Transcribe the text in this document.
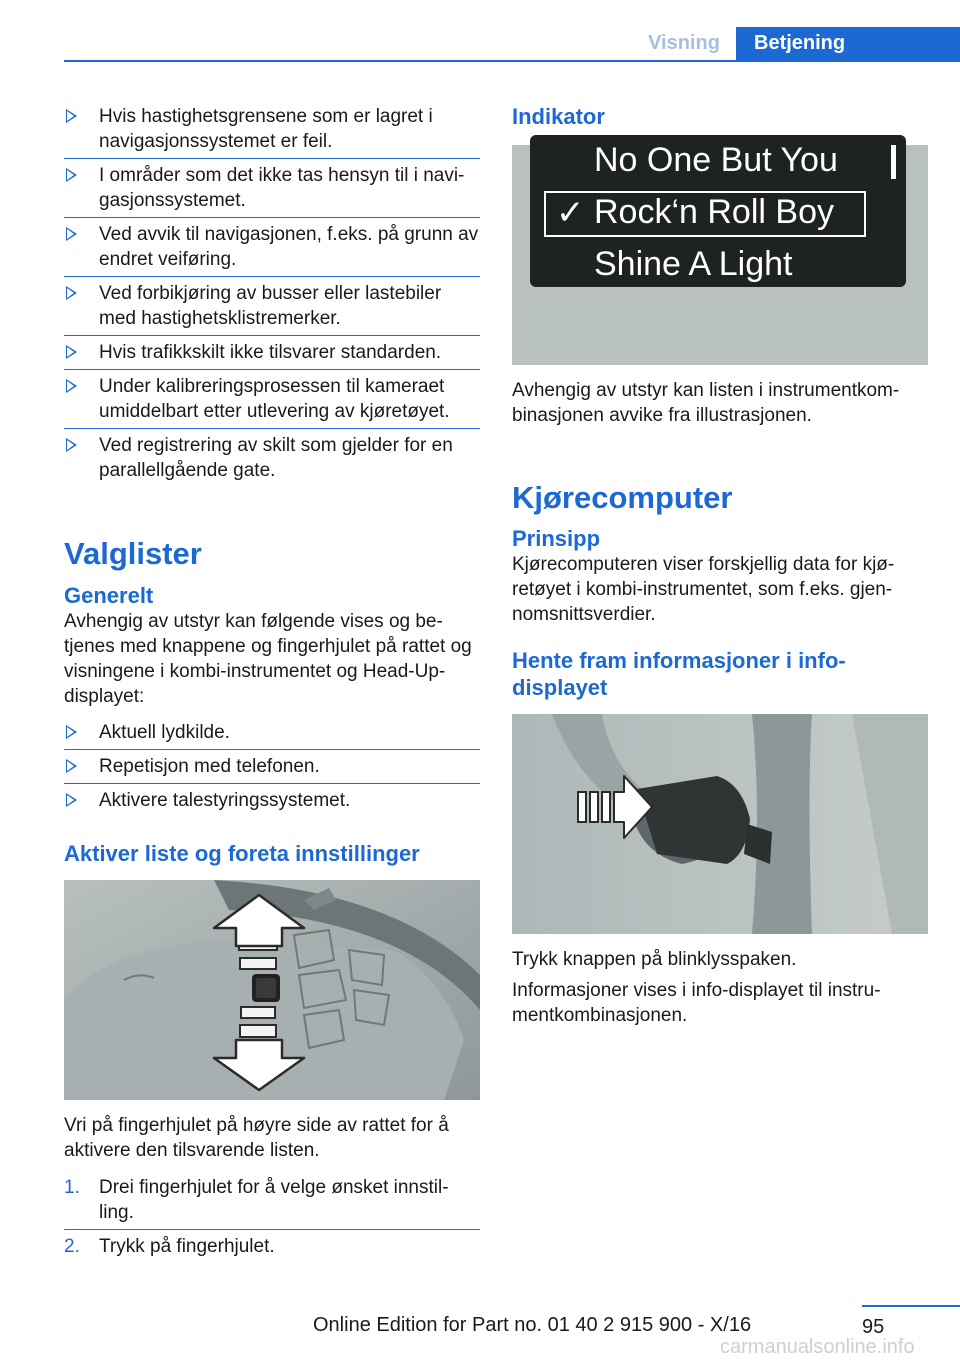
Visning	Betjening
Hvis hastighetsgrensene som er lagret i navigasjonssystemet er feil.
I områder som det ikke tas hensyn til i navi‐gasjonssystemet.
Ved avvik til navigasjonen, f.eks. på grunn av endret veiføring.
Ved forbikjøring av busser eller lastebiler med hastighetsklistremerker.
Hvis trafikkskilt ikke tilsvarer standarden.
Under kalibreringsprosessen til kameraet umiddelbart etter utlevering av kjøretøyet.
Ved registrering av skilt som gjelder for en parallellgående gate.
Valglister
Generelt

Avhengig av utstyr kan følgende vises og be‐tjenes med knappene og fingerhjulet på rattet og visningene i kombi-instrumentet og Head-Up-displayet:

Aktuell lydkilde.
Repetisjon med telefonen.
Aktivere talestyringssystemet.
Aktiver liste og foreta innstillinger

Vri på fingerhjulet på høyre side av rattet for å aktivere den tilsvarende listen.

1. Drei fingerhjulet for å velge ønsket innstil‐ling.
2. Trykk på fingerhjulet.
Indikator
No One But You
✓ Rock‘n Roll Boy
Shine A Light

Avhengig av utstyr kan listen i instrumentkom‐binasjonen avvike fra illustrasjonen.

Kjørecomputer
Prinsipp

Kjørecomputeren viser forskjellig data for kjø‐retøyet i kombi-instrumentet, som f.eks. gjen‐nomsnittsverdier.

Hente fram informasjoner i info‐displayet

Trykk knappen på blinklysspaken.

Informasjoner vises i info-displayet til instru‐mentkombinasjonen.

95
Online Edition for Part no. 01 40 2 915 900 - X/16
carmanualsonline.info
